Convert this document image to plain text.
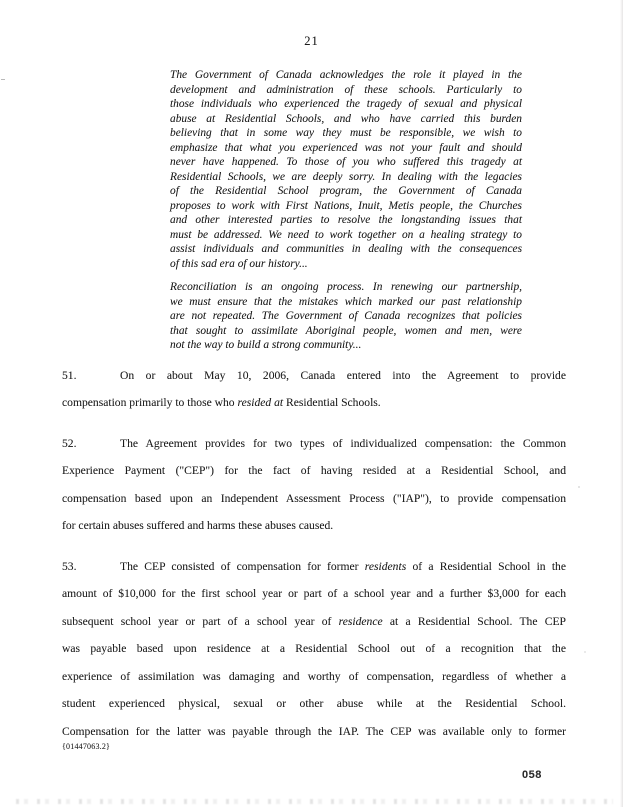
21
The Government of Canada acknowledges the role it played in the
development and administration of these schools. Particularly to
those individuals who experienced the tragedy of sexual and physical
abuse at Residential Schools, and who have carried this burden
believing that in some way they must be responsible, we wish to
emphasize that what you experienced was not your fault and should
never have happened. To those of you who suffered this tragedy at
Residential Schools, we are deeply sorry. In dealing with the legacies
of the Residential School program, the Government of Canada
proposes to work with First Nations, Inuit, Metis people, the Churches
and other interested parties to resolve the longstanding issues that
must be addressed. We need to work together on a healing strategy to
assist individuals and communities in dealing with the consequences
of this sad era of our history...
Reconciliation is an ongoing process. In renewing our partnership,
we must ensure that the mistakes which marked our past relationship
are not repeated. The Government of Canada recognizes that policies
that sought to assimilate Aboriginal people, women and men, were
not the way to build a strong community...
51.	On or about May 10, 2006, Canada entered into the Agreement to provide
compensation primarily to those who resided at Residential Schools.
52.	The Agreement provides for two types of individualized compensation: the Common
Experience Payment ("CEP") for the fact of having resided at a Residential School, and
compensation based upon an Independent Assessment Process ("IAP"), to provide compensation
for certain abuses suffered and harms these abuses caused.
53.	The CEP consisted of compensation for former residents of a Residential School in the
amount of $10,000 for the first school year or part of a school year and a further $3,000 for each
subsequent school year or part of a school year of residence at a Residential School. The CEP
was payable based upon residence at a Residential School out of a recognition that the
experience of assimilation was damaging and worthy of compensation, regardless of whether a
student experienced physical, sexual or other abuse while at the Residential School.
Compensation for the latter was payable through the IAP. The CEP was available only to former
{01447063.2}
058
